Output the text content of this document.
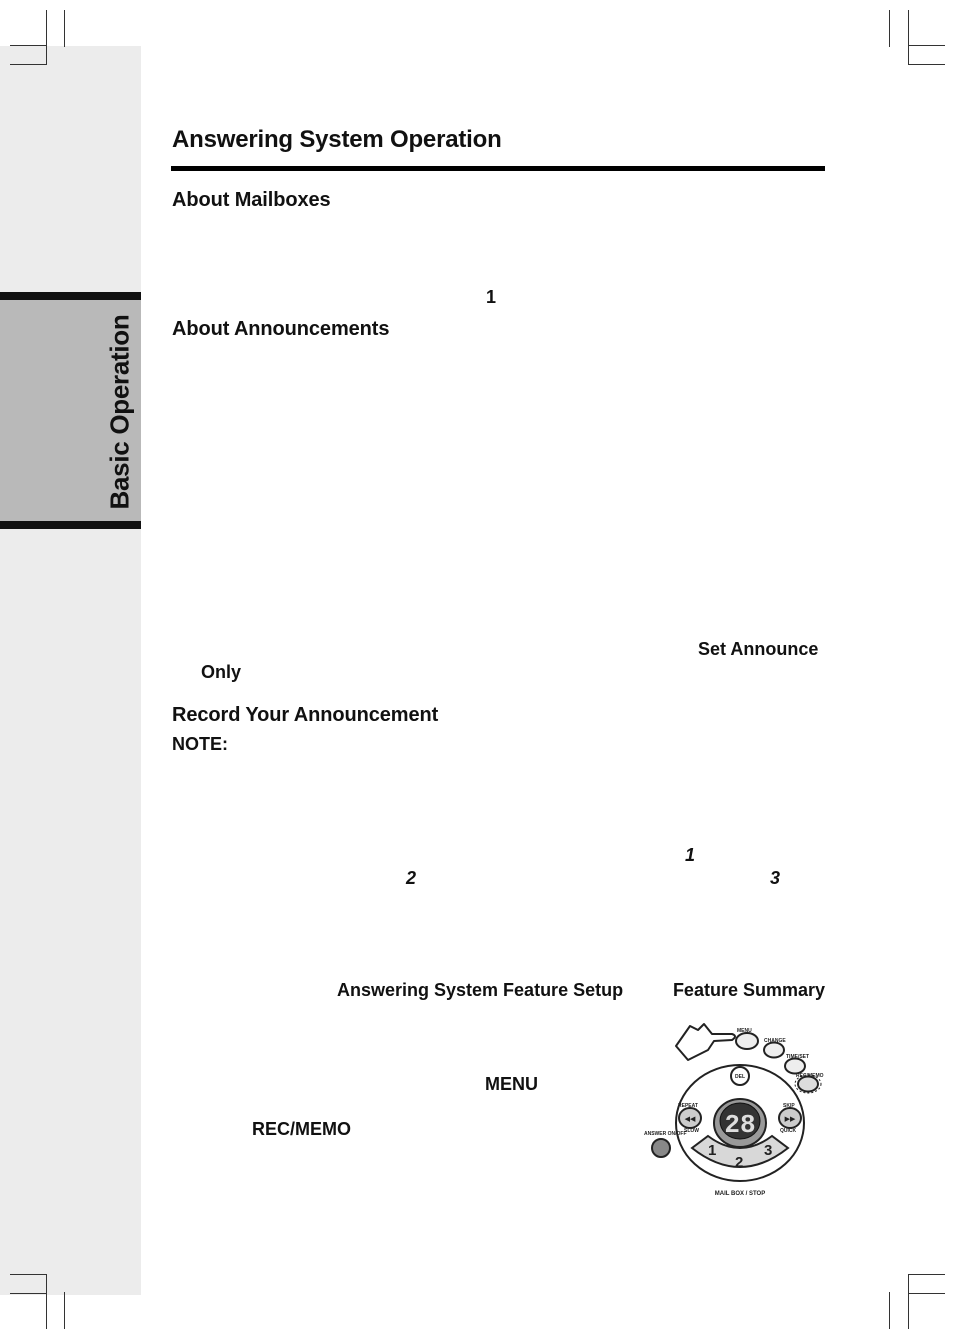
Basic Operation
Answering System Operation
About Mailboxes
1
About Announcements
Set Announce
Only
Record Your Announcement
NOTE:
1
2	3
Answering System Feature Setup	Feature Summary
MENU
REC/MEMO
MENU
CHANGE
TIME/SET
REC/MEMO
28
DEL
◀◀
REPEAT
SLOW
▶▶
SKIP
QUICK
1
2
3
MAIL BOX / STOP
ANSWER ON/OFF
